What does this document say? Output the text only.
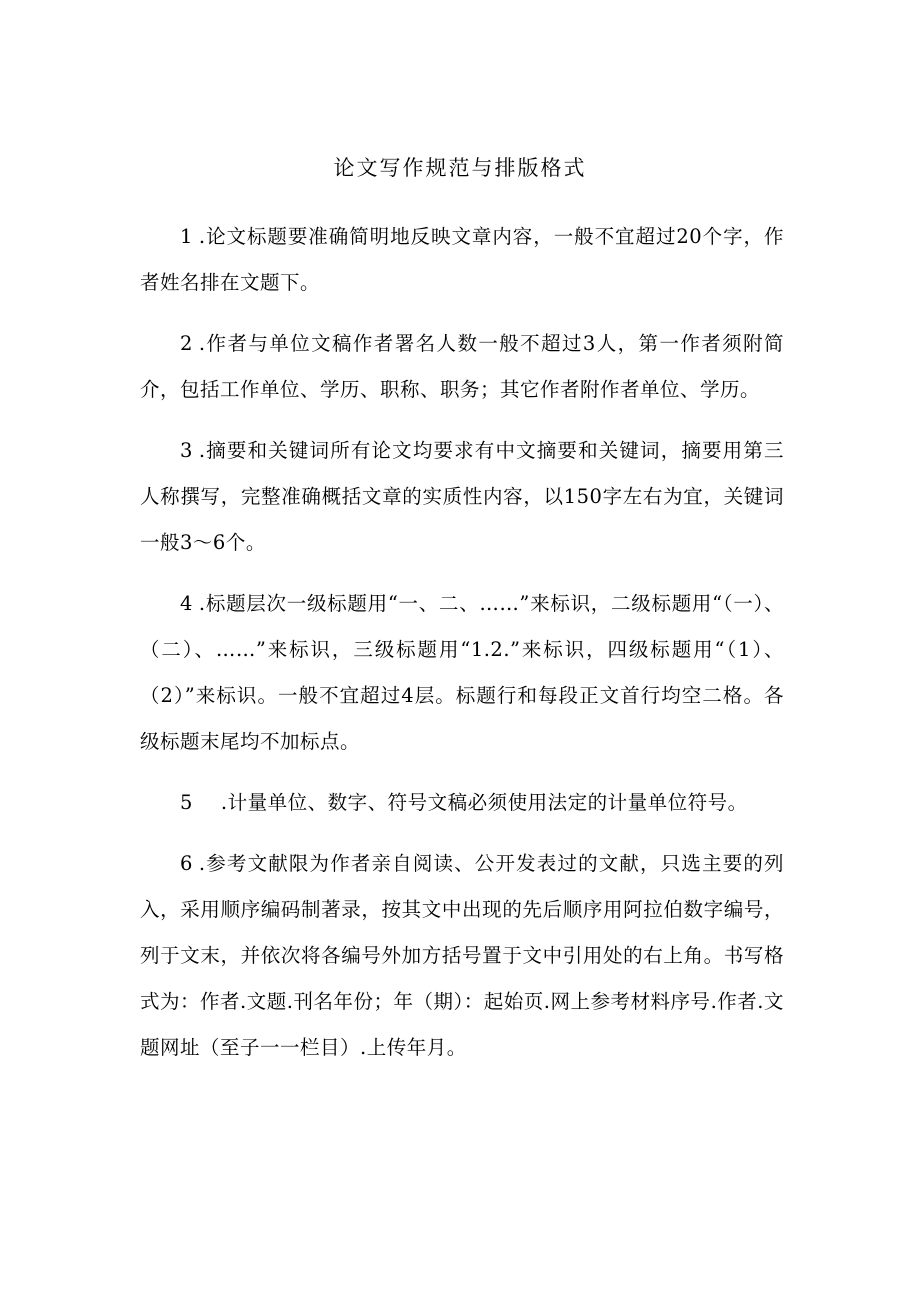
论文写作规范与排版格式

1 .论文标题要准确简明地反映文章内容，一般不宜超过20个字，作者姓名排在文题下。

2 .作者与单位文稿作者署名人数一般不超过3人，第一作者须附简介，包括工作单位、学历、职称、职务；其它作者附作者单位、学历。

3 .摘要和关键词所有论文均要求有中文摘要和关键词，摘要用第三人称撰写，完整准确概括文章的实质性内容，以150字左右为宜，关键词一般3～6个。

4 .标题层次一级标题用“一、二、……”来标识，二级标题用“（一）、（二）、……”来标识，三级标题用“1.2.”来标识，四级标题用“（1）、（2）”来标识。一般不宜超过4层。标题行和每段正文首行均空二格。各级标题末尾均不加标点。

5 .计量单位、数字、符号文稿必须使用法定的计量单位符号。

6 .参考文献限为作者亲自阅读、公开发表过的文献，只选主要的列入，采用顺序编码制著录，按其文中出现的先后顺序用阿拉伯数字编号，列于文末，并依次将各编号外加方括号置于文中引用处的右上角。书写格式为：作者.文题.刊名年份；年（期）：起始页.网上参考材料序号.作者.文题网址（至子一一栏目）.上传年月。
